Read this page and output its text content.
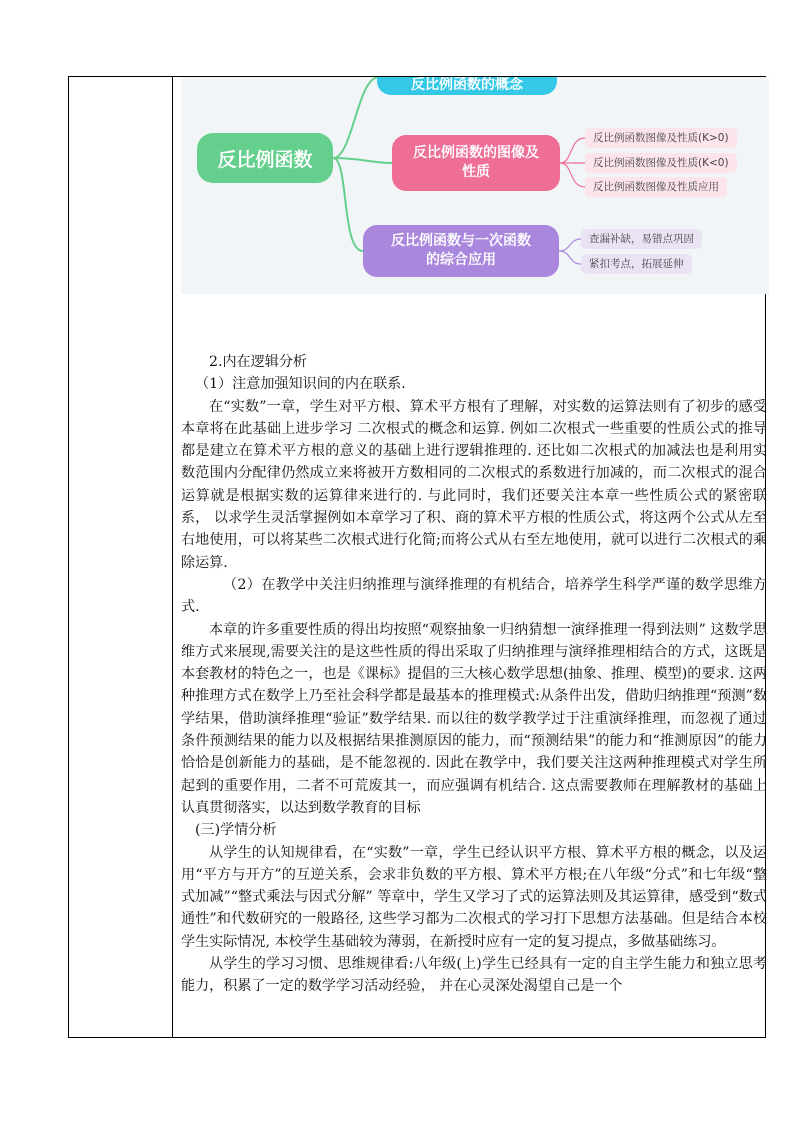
反比例函数
反比例函数的概念
反比例函数的图像及性质
反比例函数与一次函数的综合应用
反比例函数图像及性质(K>0)
反比例函数图像及性质(K<0)
反比例函数图像及性质应用
查漏补缺，易错点巩固
紧扣考点，拓展延伸

2.内在逻辑分析

（1）注意加强知识间的内在联系.

在“实数”一章，学生对平方根、算术平方根有了理解，对实数的运算法则有了初步的感受本章将在此基础上进步学习 二次根式的概念和运算. 例如二次根式一些重要的性质公式的推导都是建立在算术平方根的意义的基础上进行逻辑推理的. 还比如二次根式的加减法也是利用实数范围内分配律仍然成立来将被开方数相同的二次根式的系数进行加减的，而二次根式的混合运算就是根据实数的运算律来进行的. 与此同时，我们还要关注本章一些性质公式的紧密联系， 以求学生灵活掌握例如本章学习了积、商的算术平方根的性质公式，将这两个公式从左至右地使用，可以将某些二次根式进行化简;而将公式从右至左地使用，就可以进行二次根式的乘除运算.

（2）在教学中关注归纳推理与演绎推理的有机结合，培养学生科学严谨的数学思维方式.

本章的许多重要性质的得出均按照“观察抽象一归纳猜想一演绎推理一得到法则” 这数学思维方式来展现,需要关注的是这些性质的得出采取了归纳推理与演绎推理相结合的方式，这既是本套教材的特色之一，也是《课标》提倡的三大核心数学思想(抽象、推理、模型)的要求. 这两种推理方式在数学上乃至社会科学都是最基本的推理模式:从条件出发，借助归纳推理“预测”数学结果，借助演绎推理“验证”数学结果. 而以往的数学教学过于注重演绎推理，而忽视了通过条件预测结果的能力以及根据结果推测原因的能力，而“预测结果”的能力和“推测原因”的能力恰恰是创新能力的基础，是不能忽视的. 因此在教学中，我们要关注这两种推理模式对学生所起到的重要作用，二者不可荒废其一，而应强调有机结合. 这点需要教师在理解教材的基础上认真贯彻落实，以达到数学教育的目标

(三)学情分析

从学生的认知规律看，在“实数”一章，学生已经认识平方根、算术平方根的概念，以及运用“平方与开方”的互逆关系，会求非负数的平方根、算术平方根;在八年级“分式”和七年级“整式加减”“整式乘法与因式分解” 等章中，学生又学习了式的运算法则及其运算律，感受到“数式通性”和代数研究的一般路径, 这些学习都为二次根式的学习打下思想方法基础。但是结合本校学生实际情况, 本校学生基础较为薄弱，在新授时应有一定的复习提点，多做基础练习。

从学生的学习习惯、思维规律看:八年级(上)学生已经具有一定的自主学生能力和独立思考能力，积累了一定的数学学习活动经验， 并在心灵深处渴望自己是一个
